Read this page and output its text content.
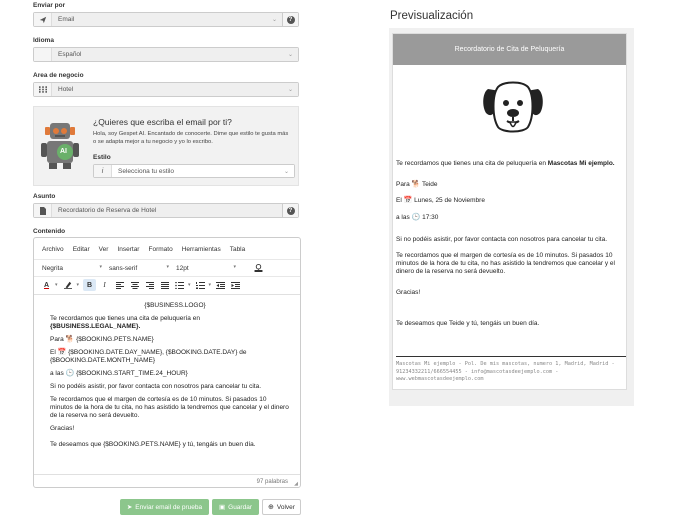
Enviar por
Email	⌄	?
Idioma
Español	⌄
Area de negocio
Hotel	⌄
AI
¿Quieres que escriba el email por ti?
Hola, soy Gespet AI. Encantado de conocerte. Dime que estilo te gusta más o se adapta mejor a tu negocio y yo lo escribo.
Estilo
i	Selecciona tu estilo	⌄
Asunto
Recordatorio de Reserva de Hotel	?
Contenido
Archivo Editar Ver Insertar Formato Herramientas Tabla
Negrita	▾ sans-serif	▾ 12pt	▾
A ▾	▾	B	I	▾	▾

{$BUSINESS.LOGO}

Te recordamos que tienes una cita de peluquería en
{$BUSINESS.LEGAL_NAME}.

Para 🐕 {$BOOKING.PETS.NAME}

El 📅 {$BOOKING.DATE.DAY_NAME}, {$BOOKING.DATE.DAY} de {$BOOKING.DATE.MONTH_NAME}

a las 🕒 {$BOOKING.START_TIME.24_HOUR}

Si no podéis asistir, por favor contacta con nosotros para cancelar tu cita.

Te recordamos que el margen de cortesía es de 10 minutos. Si pasados 10 minutos de la hora de tu cita, no has asistido la tendremos que cancelar y el dinero de la reserva no será devuelto.

Gracias!

Te deseamos que {$BOOKING.PETS.NAME} y tú, tengáis un buen día.

97 palabras ◢
➤ Enviar email de prueba	▣ Guardar ⊕ Volver
Previsualización
Recordatorio de Cita de Peluquería
Te recordamos que tienes una cita de peluquería en Mascotas Mi ejemplo.
Para 🐕 Teide
El 📅 Lunes, 25 de Noviembre
a las 🕒 17:30
Si no podéis asistir, por favor contacta con nosotros para cancelar tu cita.
Te recordamos que el margen de cortesía es de 10 minutos. Si pasados 10 minutos de la hora de tu cita, no has asistido la tendremos que cancelar y el dinero de la reserva no será devuelto.
Gracias!
Te deseamos que Teide y tú, tengáis un buen día.
Mascotas Mi ejemplo - Pol. De mis mascotas, numero 1, Madrid, Madrid - 91234332211/666554455 - info@mascotasdeejemplo.com - www.webmascotasdeejemplo.com
